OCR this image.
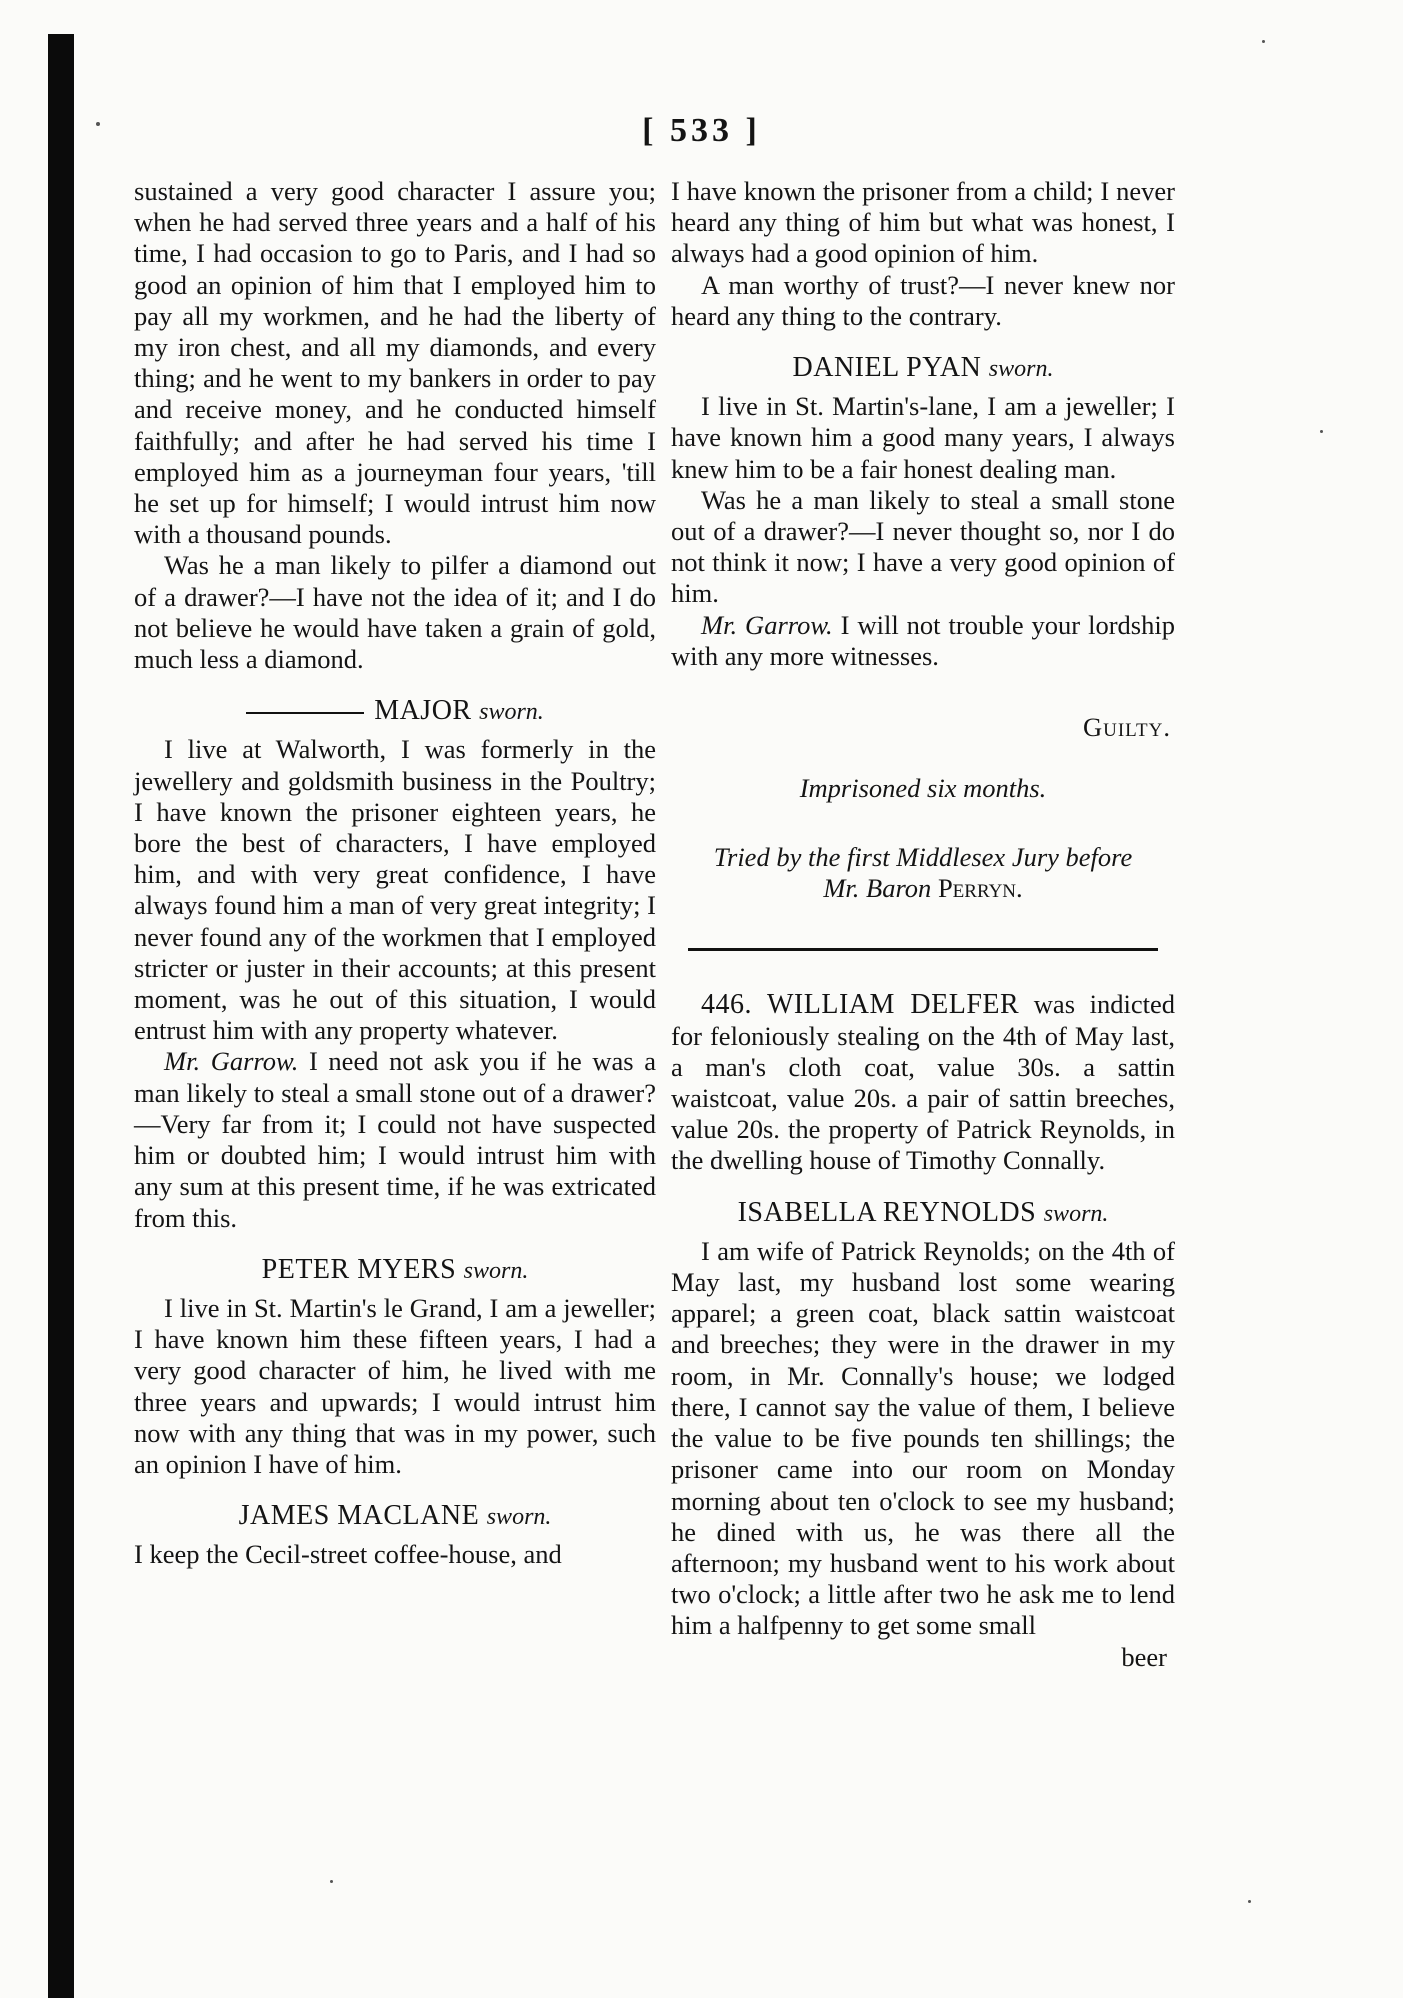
[ 533 ]

sustained a very good character I assure you; when he had served three years and a half of his time, I had occasion to go to Paris, and I had so good an opinion of him that I employed him to pay all my workmen, and he had the liberty of my iron chest, and all my diamonds, and every thing; and he went to my bankers in order to pay and receive money, and he conducted himself faithfully; and after he had served his time I employed him as a journeyman four years, 'till he set up for himself; I would intrust him now with a thousand pounds.

Was he a man likely to pilfer a diamond out of a drawer?—I have not the idea of it; and I do not believe he would have taken a grain of gold, much less a diamond.

MAJOR sworn.

I live at Walworth, I was formerly in the jewellery and goldsmith business in the Poultry; I have known the prisoner eighteen years, he bore the best of characters, I have employed him, and with very great confidence, I have always found him a man of very great integrity; I never found any of the workmen that I employed stricter or juster in their accounts; at this present moment, was he out of this situation, I would entrust him with any property whatever.

Mr. Garrow. I need not ask you if he was a man likely to steal a small stone out of a drawer?—Very far from it; I could not have suspected him or doubted him; I would intrust him with any sum at this present time, if he was extricated from this.

PETER MYERS sworn.

I live in St. Martin's le Grand, I am a jeweller; I have known him these fifteen years, I had a very good character of him, he lived with me three years and upwards; I would intrust him now with any thing that was in my power, such an opinion I have of him.

JAMES MACLANE sworn.

I keep the Cecil-street coffee-house, and

I have known the prisoner from a child; I never heard any thing of him but what was honest, I always had a good opinion of him.

A man worthy of trust?—I never knew nor heard any thing to the contrary.

DANIEL PYAN sworn.

I live in St. Martin's-lane, I am a jeweller; I have known him a good many years, I always knew him to be a fair honest dealing man.

Was he a man likely to steal a small stone out of a drawer?—I never thought so, nor I do not think it now; I have a very good opinion of him.

Mr. Garrow. I will not trouble your lordship with any more witnesses.

Guilty.
Imprisoned six months.
Tried by the first Middlesex Jury before
Mr. Baron Perryn.

446. WILLIAM DELFER was indicted for feloniously stealing on the 4th of May last, a man's cloth coat, value 30s. a sattin waistcoat, value 20s. a pair of sattin breeches, value 20s. the property of Patrick Reynolds, in the dwelling house of Timothy Connally.

ISABELLA REYNOLDS sworn.

I am wife of Patrick Reynolds; on the 4th of May last, my husband lost some wearing apparel; a green coat, black sattin waistcoat and breeches; they were in the drawer in my room, in Mr. Connally's house; we lodged there, I cannot say the value of them, I believe the value to be five pounds ten shillings; the prisoner came into our room on Monday morning about ten o'clock to see my husband; he dined with us, he was there all the afternoon; my husband went to his work about two o'clock; a little after two he ask me to lend him a halfpenny to get some small

beer
